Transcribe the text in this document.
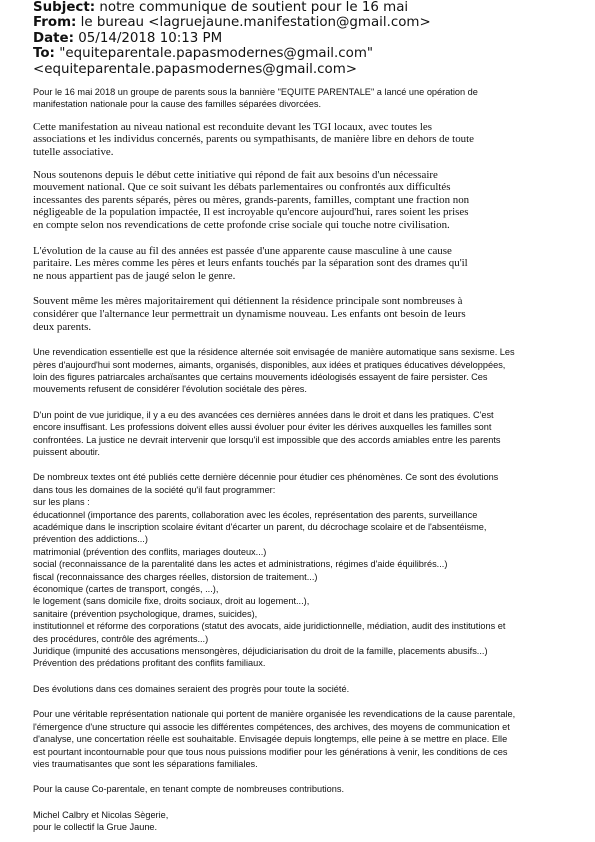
Subject: notre communique de soutient pour le 16 mai
From: le bureau <lagruejaune.manifestation@gmail.com>
Date: 05/14/2018 10:13 PM
To: "equiteparentale.papasmodernes@gmail.com"
<equiteparentale.papasmodernes@gmail.com>
Pour le 16 mai 2018 un groupe de parents sous la bannière "EQUITE PARENTALE" a lancé une opération de
manifestation nationale pour la cause des familles séparées divorcées.
Cette manifestation au niveau national est reconduite devant les TGI locaux, avec toutes les
associations et les individus concernés, parents ou sympathisants, de manière libre en dehors de toute
tutelle associative.
Nous soutenons depuis le début cette initiative qui répond de fait aux besoins d'un nécessaire
mouvement national. Que ce soit suivant les débats parlementaires ou confrontés aux difficultés
incessantes des parents séparés, pères ou mères, grands-parents, familles, comptant une fraction non
négligeable de la population impactée, Il est incroyable qu'encore aujourd'hui, rares soient les prises
en compte selon nos revendications de cette profonde crise sociale qui touche notre civilisation.
L'évolution de la cause au fil des années est passée d'une apparente cause masculine à une cause
paritaire. Les mères comme les pères et leurs enfants touchés par la séparation sont des drames qu'il
ne nous appartient pas de jaugé selon le genre.
Souvent même les mères majoritairement qui détiennent la résidence principale sont nombreuses à
considérer que l'alternance leur permettrait un dynamisme nouveau. Les enfants ont besoin de leurs
deux parents.
Une revendication essentielle est que la résidence alternée soit envisagée de manière automatique sans sexisme. Les
pères d'aujourd'hui sont modernes, aimants, organisés, disponibles, aux idées et pratiques éducatives développées,
loin des figures patriarcales archaïsantes que certains mouvements idéologisés essayent de faire persister. Ces
mouvements refusent de considérer l'évolution sociétale des pères.
D'un point de vue juridique, il y a eu des avancées ces dernières années dans le droit et dans les pratiques. C'est
encore insuffisant. Les professions doivent elles aussi évoluer pour éviter les dérives auxquelles les familles sont
confrontées. La justice ne devrait intervenir que lorsqu'il est impossible que des accords amiables entre les parents
puissent aboutir.
De nombreux textes ont été publiés cette dernière décennie pour étudier ces phénomènes. Ce sont des évolutions
dans tous les domaines de la société qu'il faut programmer:
sur les plans :
éducationnel (importance des parents, collaboration avec les écoles, représentation des parents, surveillance
académique dans le inscription scolaire évitant d'écarter un parent, du décrochage scolaire et de l'absentéisme,
prévention des addictions...)
matrimonial (prévention des conflits, mariages douteux...)
social (reconnaissance de la parentalité dans les actes et administrations, régimes d'aide équilibrés...)
fiscal (reconnaissance des charges réelles, distorsion de traitement...)
économique (cartes de transport, congés, ...),
le logement (sans domicile fixe, droits sociaux, droit au logement...),
sanitaire (prévention psychologique, drames, suicides),
institutionnel et réforme des corporations (statut des avocats, aide juridictionnelle, médiation, audit des institutions et
des procédures, contrôle des agréments...)
Juridique (impunité des accusations mensongères, déjudiciarisation du droit de la famille, placements abusifs...)
Prévention des prédations profitant des conflits familiaux.
Des évolutions dans ces domaines seraient des progrès pour toute la société.
Pour une véritable représentation nationale qui portent de manière organisée les revendications de la cause parentale,
l'émergence d'une structure qui associe les différentes compétences, des archives, des moyens de communication et
d'analyse, une concertation réelle est souhaitable. Envisagée depuis longtemps, elle peine à se mettre en place. Elle
est pourtant incontournable pour que tous nous puissions modifier pour les générations à venir, les conditions de ces
vies traumatisantes que sont les séparations familiales.
Pour la cause Co-parentale, en tenant compte de nombreuses contributions.
Michel Calbry et Nicolas Sègerie,
pour le collectif la Grue Jaune.
